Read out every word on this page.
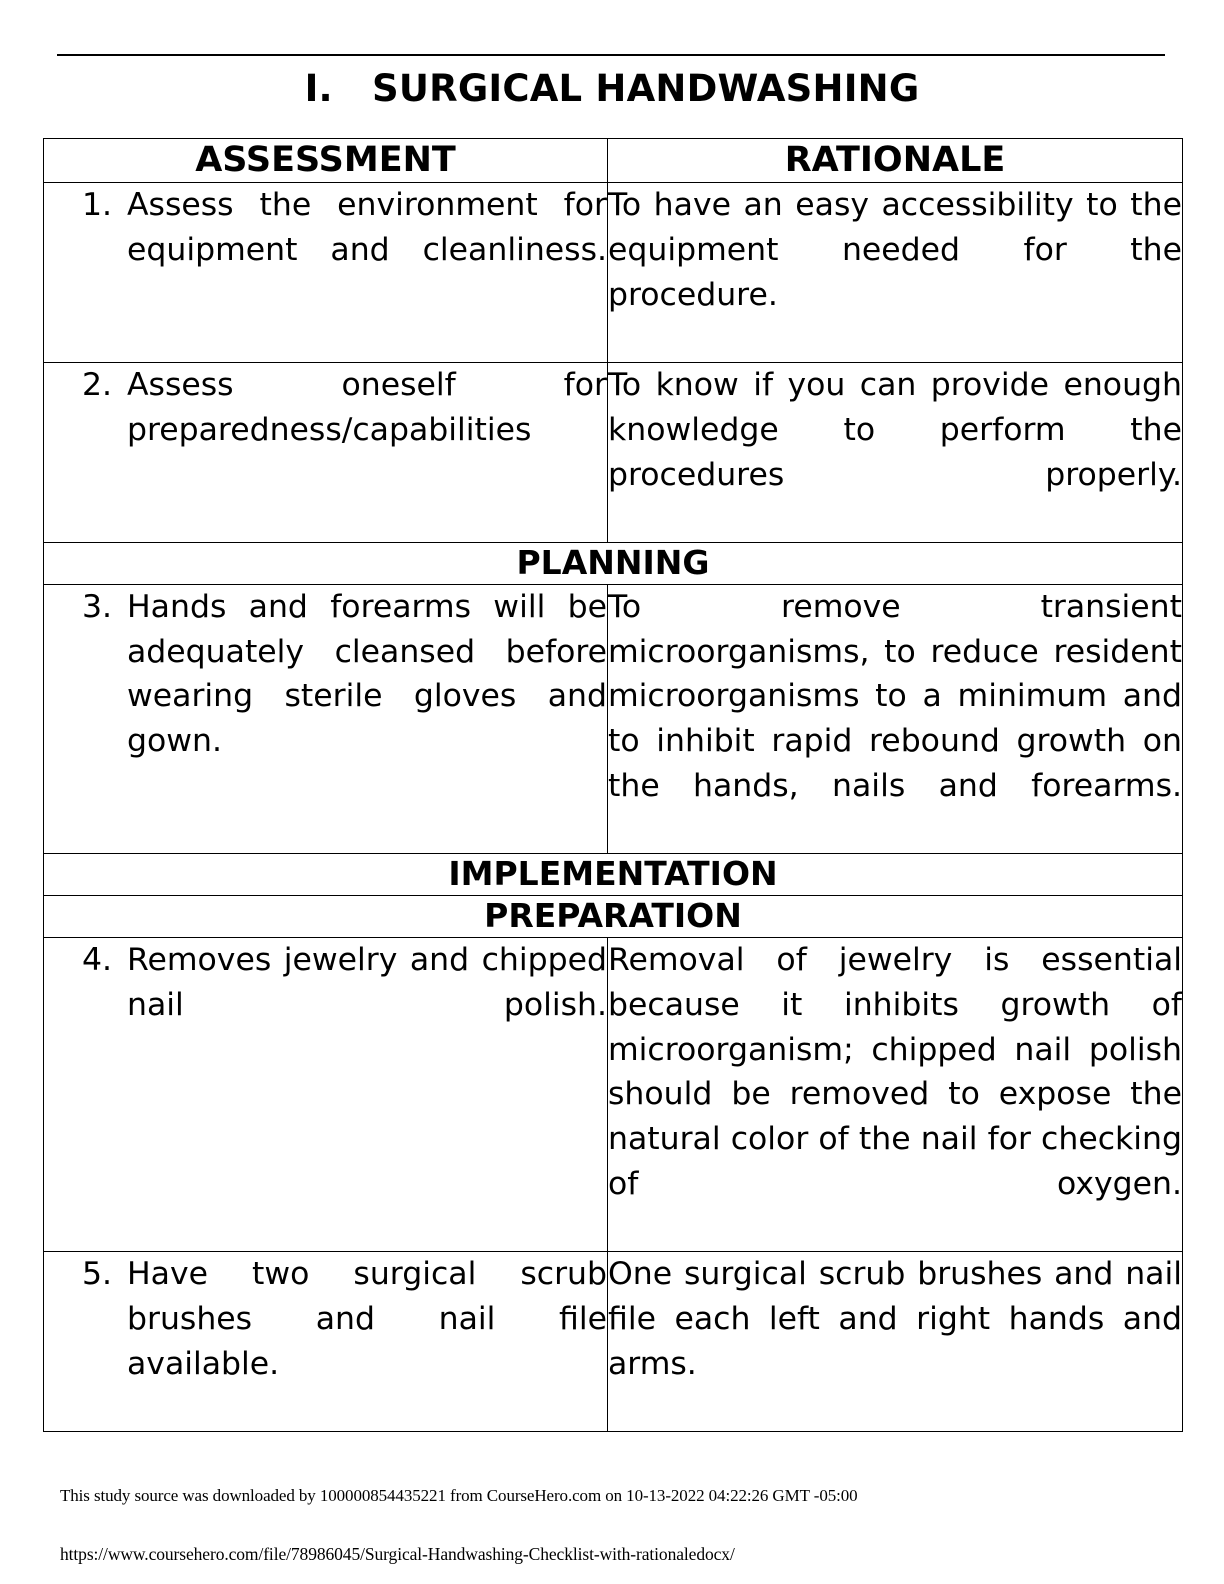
I.   SURGICAL HANDWASHING
ASSESSMENT	RATIONALE

1. Assess the environment for equipment and cleanliness.	To have an easy accessibility to the equipment needed for the procedure.

2. Assess oneself for preparedness/capabilities	To know if you can provide enough knowledge to perform the procedures properly.
PLANNING	

3. Hands and forearms will be adequately cleansed before wearing sterile gloves and gown.	To remove transient microorganisms, to reduce resident microorganisms to a minimum and to inhibit rapid rebound growth on the hands, nails and forearms.
IMPLEMENTATION	
PREPARATION	

4. Removes jewelry and chipped nail polish.	Removal of jewelry is essential because it inhibits growth of microorganism; chipped nail polish should be removed to expose the natural color of the nail for checking of oxygen.

5. Have two surgical scrub brushes and nail file available.	One surgical scrub brushes and nail file each left and right hands and arms.
This study source was downloaded by 100000854435221 from CourseHero.com on 10-13-2022 04:22:26 GMT -05:00
https://www.coursehero.com/file/78986045/Surgical-Handwashing-Checklist-with-rationaledocx/
